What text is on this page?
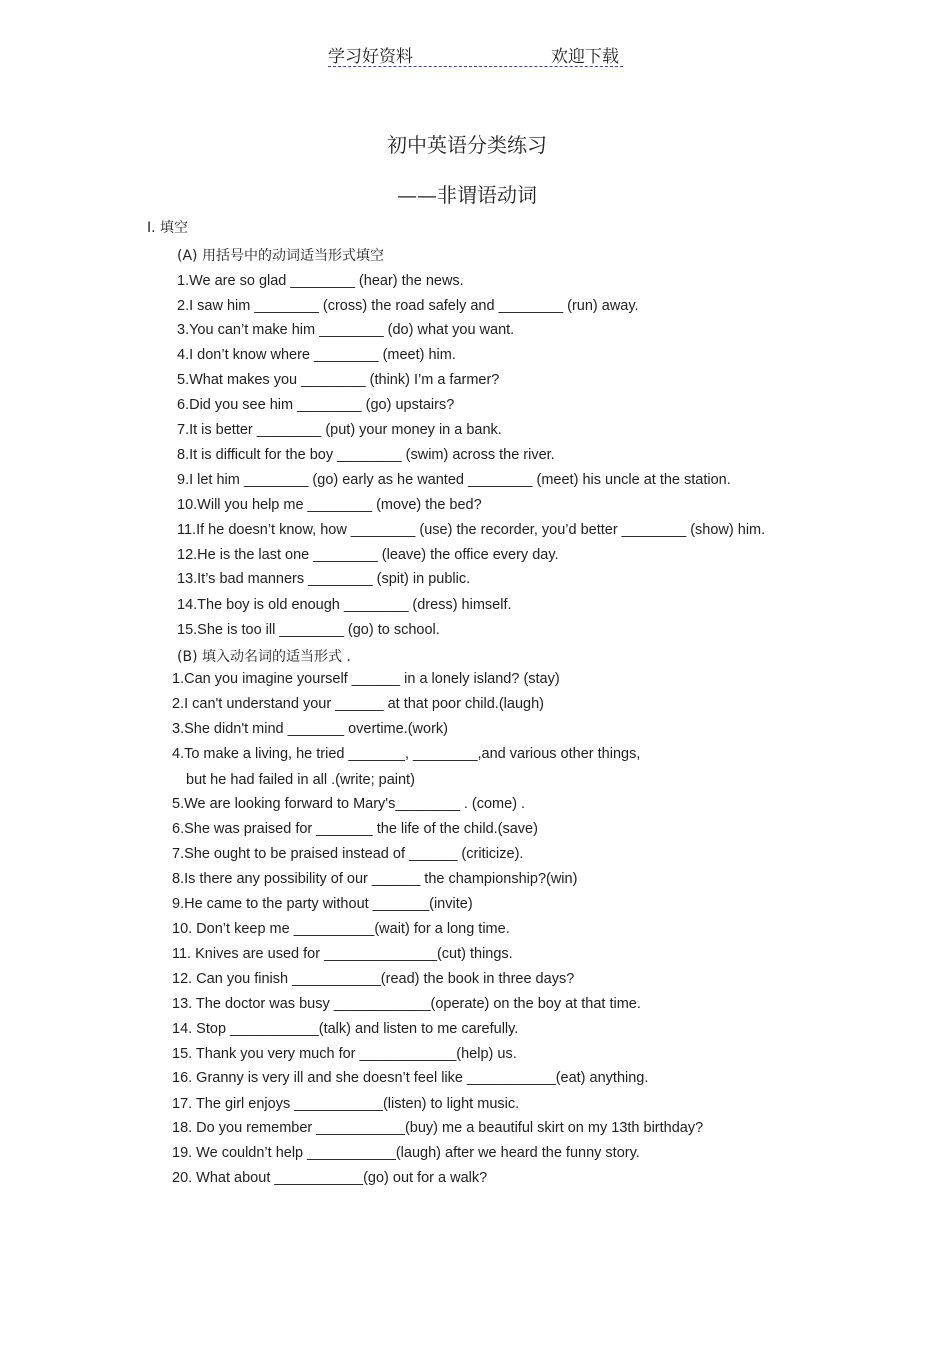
学习好资料	欢迎下载
初中英语分类练习
——非谓语动词
Ⅰ. 填空
(A) 用括号中的动词适当形式填空

1.We are so glad ________ (hear) the news.

2.I saw him ________ (cross) the road safely and ________ (run) away.

3.You can’t make him ________ (do) what you want.

4.I don’t know where ________ (meet) him.

5.What makes you ________ (think) I’m a farmer?

6.Did you see him ________ (go) upstairs?

7.It is better ________ (put) your money in a bank.

8.It is difficult for the boy ________ (swim) across the river.

9.I let him ________ (go) early as he wanted ________ (meet) his uncle at the station.

10.Will you help me ________ (move) the bed?

11.If he doesn’t know, how ________ (use) the recorder, you’d better ________ (show) him.

12.He is the last one ________ (leave) the office every day.

13.It’s bad manners ________ (spit) in public.

14.The boy is old enough ________ (dress) himself.

15.She is too ill ________ (go) to school.

(B) 填入动名词的适当形式 .

1.Can you imagine yourself ______ in a lonely island? (stay)

2.I can't understand your ______ at that poor child.(laugh)

3.She didn't mind _______ overtime.(work)

4.To make a living, he tried _______, ________,and various other things,

but he had failed in all .(write; paint)

5.We are looking forward to Mary's________ . (come) .

6.She was praised for _______ the life of the child.(save)

7.She ought to be praised instead of ______ (criticize).

8.Is there any possibility of our ______ the championship?(win)

9.He came to the party without _______(invite)

10. Don’t keep me __________(wait) for a long time.

11. Knives are used for ______________(cut) things.

12. Can you finish ___________(read) the book in three days?

13. The doctor was busy ____________(operate) on the boy at that time.

14. Stop ___________(talk) and listen to me carefully.

15. Thank you very much for ____________(help) us.

16. Granny is very ill and she doesn’t feel like ___________(eat) anything.

17. The girl enjoys ___________(listen) to light music.

18. Do you remember ___________(buy) me a beautiful skirt on my 13th birthday?

19. We couldn’t help ___________(laugh) after we heard the funny story.

20. What about ___________(go) out for a walk?
